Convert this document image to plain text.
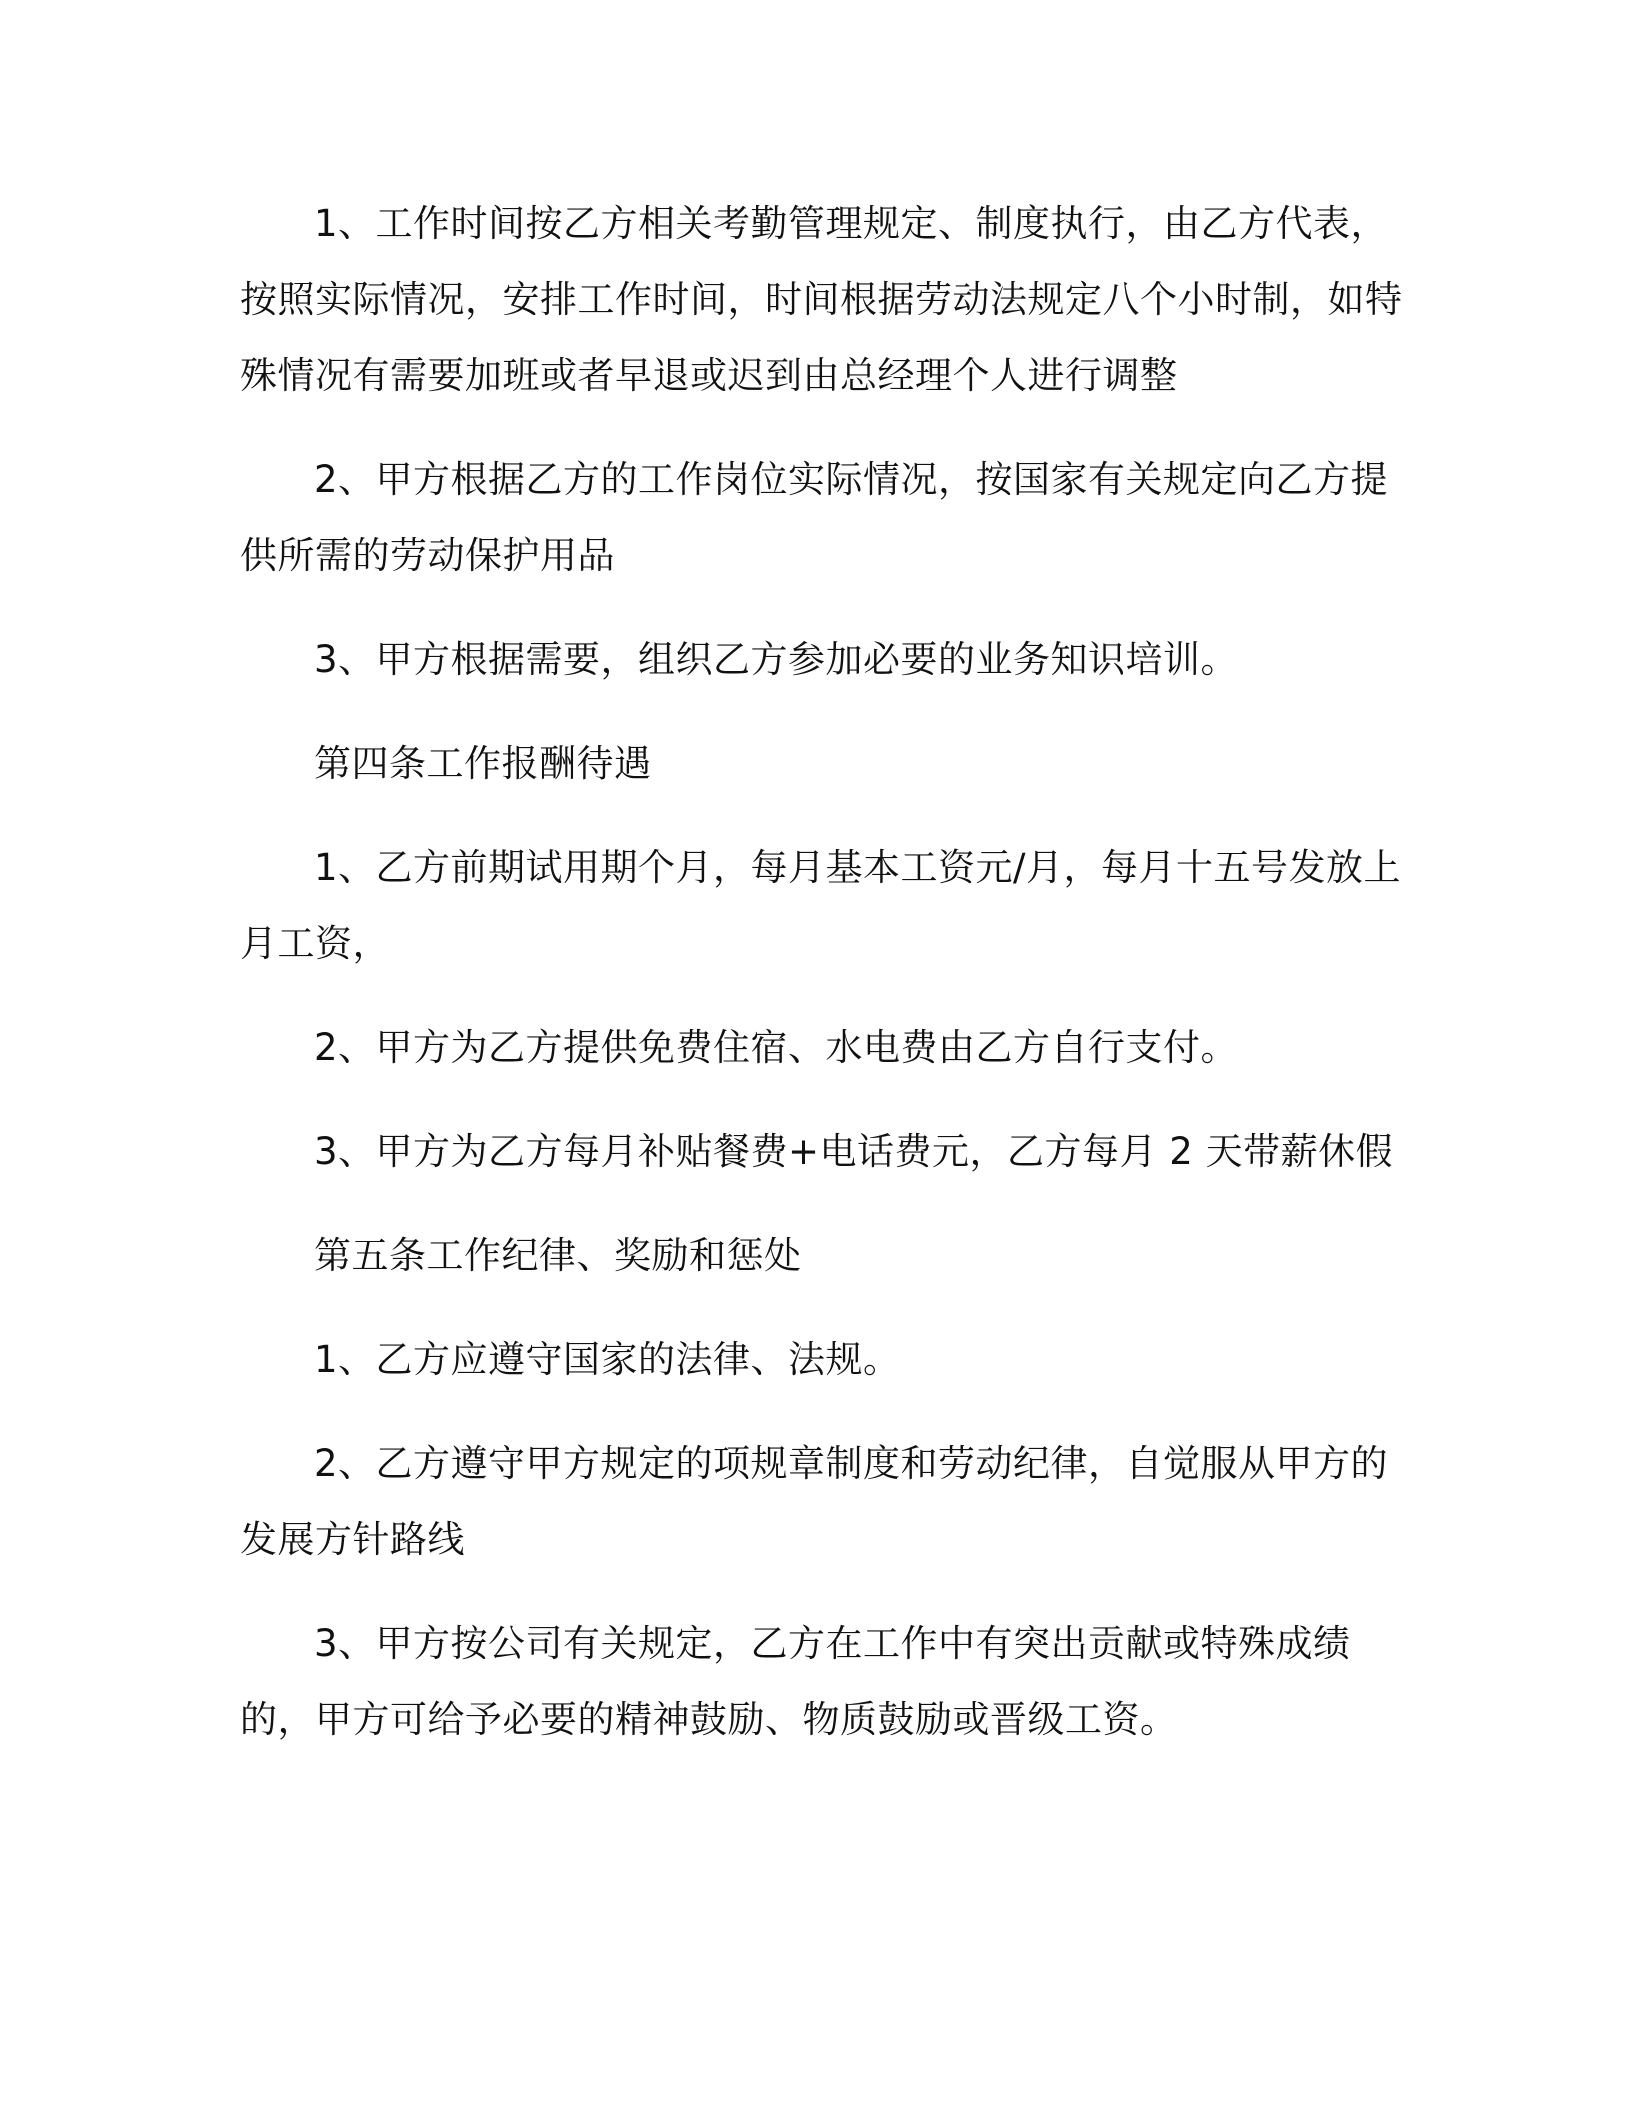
1、工作时间按乙方相关考勤管理规定、制度执行，由乙方代表，按照实际情况，安排工作时间，时间根据劳动法规定八个小时制，如特殊情况有需要加班或者早退或迟到由总经理个人进行调整

2、甲方根据乙方的工作岗位实际情况，按国家有关规定向乙方提供所需的劳动保护用品

3、甲方根据需要，组织乙方参加必要的业务知识培训。

第四条工作报酬待遇

1、乙方前期试用期个月，每月基本工资元/月，每月十五号发放上月工资，

2、甲方为乙方提供免费住宿、水电费由乙方自行支付。

3、甲方为乙方每月补贴餐费+电话费元，乙方每月 2 天带薪休假

第五条工作纪律、奖励和惩处

1、乙方应遵守国家的法律、法规。

2、乙方遵守甲方规定的项规章制度和劳动纪律，自觉服从甲方的发展方针路线

3、甲方按公司有关规定，乙方在工作中有突出贡献或特殊成绩的，甲方可给予必要的精神鼓励、物质鼓励或晋级工资。
